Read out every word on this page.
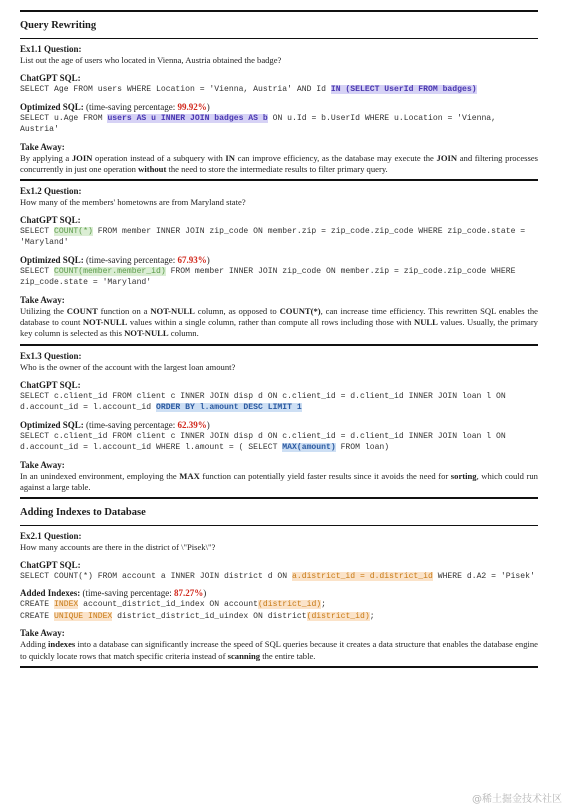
Query Rewriting
Ex1.1 Question:
List out the age of users who located in Vienna, Austria obtained the badge?
ChatGPT SQL:
SELECT Age FROM users WHERE Location = 'Vienna, Austria' AND Id IN (SELECT UserId FROM badges)
Optimized SQL: (time-saving percentage: 99.92%)
SELECT u.Age FROM users AS u INNER JOIN badges AS b ON u.Id = b.UserId WHERE u.Location = 'Vienna, Austria'
Take Away:
By applying a JOIN operation instead of a subquery with IN can improve efficiency, as the database may execute the JOIN and filtering processes concurrently in just one operation without the need to store the intermediate results to filter primary query.
Ex1.2 Question:
How many of the members' hometowns are from Maryland state?
ChatGPT SQL:
SELECT COUNT(*) FROM member INNER JOIN zip_code ON member.zip = zip_code.zip_code WHERE zip_code.state = 'Maryland'
Optimized SQL: (time-saving percentage: 67.93%)
SELECT COUNT(member.member_id) FROM member INNER JOIN zip_code ON member.zip = zip_code.zip_code WHERE zip_code.state = 'Maryland'
Take Away:
Utilizing the COUNT function on a NOT-NULL column, as opposed to COUNT(*), can increase time efficiency. This rewritten SQL enables the database to count NOT-NULL values within a single column, rather than compute all rows including those with NULL values. Usually, the primary key column is selected as this NOT-NULL column.
Ex1.3 Question:
Who is the owner of the account with the largest loan amount?
ChatGPT SQL:
SELECT c.client_id FROM client c INNER JOIN disp d ON c.client_id = d.client_id INNER JOIN loan l ON d.account_id = l.account_id ORDER BY l.amount DESC LIMIT 1
Optimized SQL: (time-saving percentage: 62.39%)
SELECT c.client_id FROM client c INNER JOIN disp d ON c.client_id = d.client_id INNER JOIN loan l ON d.account_id = l.account_id WHERE l.amount = ( SELECT MAX(amount) FROM loan)
Take Away:
In an unindexed environment, employing the MAX function can potentially yield faster results since it avoids the need for sorting, which could run against a large table.
Adding Indexes to Database
Ex2.1 Question:
How many accounts are there in the district of \"Pisek\"?
ChatGPT SQL:
SELECT COUNT(*) FROM account a INNER JOIN district d ON a.district_id = d.district_id WHERE d.A2 = 'Pisek'
Added Indexes: (time-saving percentage: 87.27%)
CREATE INDEX account_district_id_index ON account(district_id);
CREATE UNIQUE INDEX district_district_id_uindex ON district(district_id);
Take Away:
Adding indexes into a database can significantly increase the speed of SQL queries because it creates a data structure that enables the database engine to quickly locate rows that match specific criteria instead of scanning the entire table.
@稀土掘金技术社区
